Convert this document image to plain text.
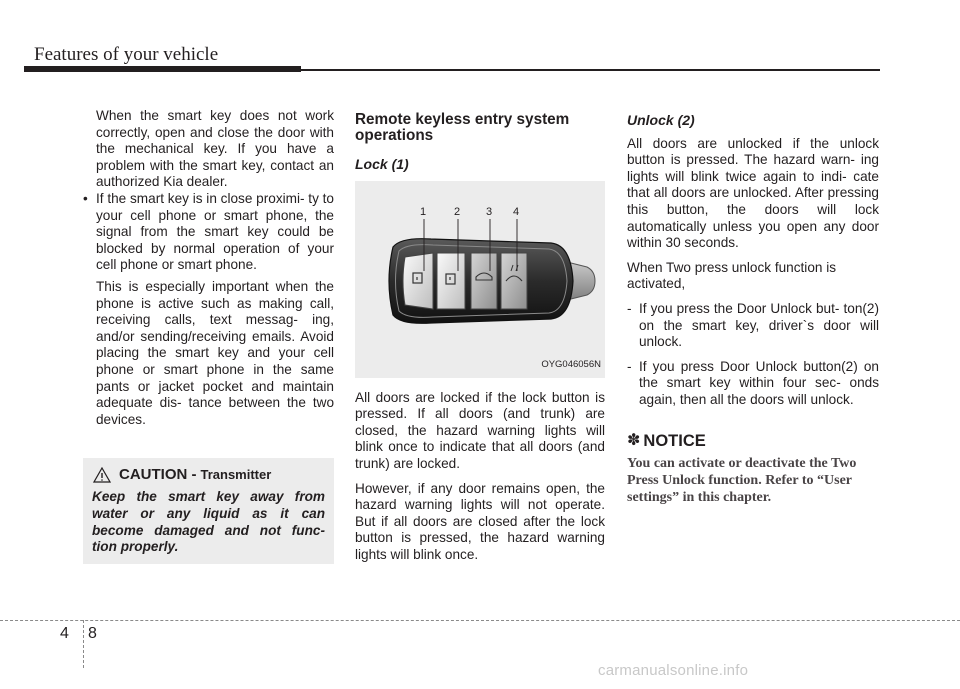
Features of your vehicle

When the smart key does not work correctly, open and close the door with the mechanical key. If you have a problem with the smart key, contact an authorized Kia dealer.

• If the smart key is in close proximi- ty to your cell phone or smart phone, the signal from the smart key could be blocked by normal operation of your cell phone or smart phone.

This is especially important when the phone is active such as making call, receiving calls, text messag- ing, and/or sending/receiving emails. Avoid placing the smart key and your cell phone or smart phone in the same pants or jacket pocket and maintain adequate dis- tance between the two devices.

CAUTION - Transmitter
Keep the smart key away from water or any liquid as it can become damaged and not func- tion properly.

Remote keyless entry system operations

Lock (1)

1	2 3 4
OYG046056N

All doors are locked if the lock button is pressed. If all doors (and trunk) are closed, the hazard warning lights will blink once to indicate that all doors (and trunk) are locked.

However, if any door remains open, the hazard warning lights will not operate. But if all doors are closed after the lock button is pressed, the hazard warning lights will blink once.

Unlock (2)

All doors are unlocked if the unlock button is pressed. The hazard warn- ing lights will blink twice again to indi- cate that all doors are unlocked. After pressing this button, the doors will lock automatically unless you open any door within 30 seconds.

When Two press unlock function is activated,

- If you press the Door Unlock but- ton(2) on the smart key, driver`s door will unlock.

- If you press Door Unlock button(2) on the smart key within four sec- onds again, then all the doors will unlock.

✽ NOTICE

You can activate or deactivate the Two Press Unlock function. Refer to “User settings” in this chapter.

4 8
carmanualsonline.info
